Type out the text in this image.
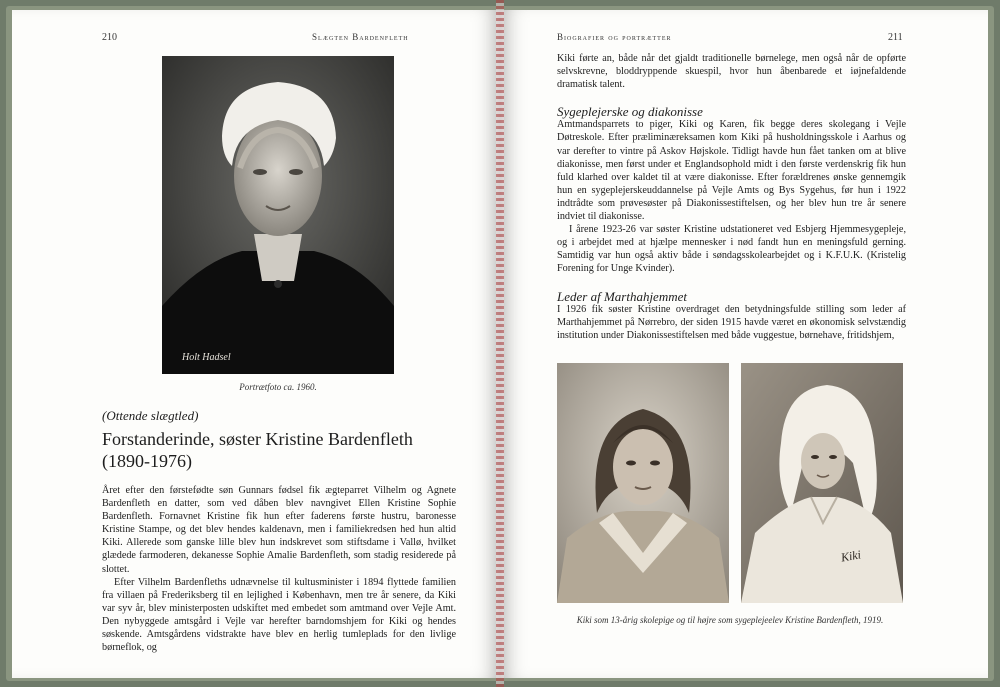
210	Slægten Bardenfleth
Holt Hadsel
Portrætfoto ca. 1960.
(Ottende slægtled)
Forstanderinde, søster Kristine Bardenfleth
(1890-1976)

Året efter den førstefødte søn Gunnars fødsel fik ægteparret Vilhelm og Agnete Bardenfleth en datter, som ved dåben blev navngivet Ellen Kristine Sophie Bardenfleth. Fornavnet Kristine fik hun efter faderens første hustru, baronesse Kristine Stampe, og det blev hendes kaldenavn, men i familiekredsen hed hun altid Kiki. Allerede som ganske lille blev hun indskrevet som stiftsdame i Vallø, hvilket glædede farmoderen, dekanesse Sophie Amalie Bardenfleth, som stadig residerede på slottet.

Efter Vilhelm Bardenfleths udnævnelse til kultusminister i 1894 flyttede familien fra villaen på Frederiksberg til en lejlighed i København, men tre år senere, da Kiki var syv år, blev ministerposten udskiftet med embedet som amtmand over Vejle Amt. Den nybyggede amtsgård i Vejle var herefter barndomshjem for Kiki og hendes søskende. Amtsgårdens vidstrakte have blev en herlig tumleplads for den livlige børneflok, og

Biografier og portrætter	211

Kiki førte an, både når det gjaldt traditionelle børnelege, men også når de opførte selvskrevne, bloddryppende skuespil, hvor hun åbenbarede et iøjnefaldende dramatisk talent.

Sygeplejerske og diakonisse

Amtmandsparrets to piger, Kiki og Karen, fik begge deres skolegang i Vejle Døtreskole. Efter præliminæreksamen kom Kiki på husholdningsskole i Aarhus og var derefter to vintre på Askov Højskole. Tidligt havde hun fået tanken om at blive diakonisse, men først under et Englandsophold midt i den første verdenskrig fik hun fuld klarhed over kaldet til at være diakonisse. Efter forældrenes ønske gennemgik hun en sygeplejerskeuddannelse på Vejle Amts og Bys Sygehus, før hun i 1922 indtrådte som prøvesøster på Diakonissestiftelsen, og her blev hun tre år senere indviet til diakonisse.

I årene 1923-26 var søster Kristine udstationeret ved Esbjerg Hjemmesygepleje, og i arbejdet med at hjælpe mennesker i nød fandt hun en meningsfuld gerning. Samtidig var hun også aktiv både i søndagsskolearbejdet og i K.F.U.K. (Kristelig Forening for Unge Kvinder).

Leder af Marthahjemmet

I 1926 fik søster Kristine overdraget den betydningsfulde stilling som leder af Marthahjemmet på Nørrebro, der siden 1915 havde været en økonomisk selvstændig institution under Diakonissestiftelsen med både vuggestue, børnehave, fritidshjem,

Kiki
Kiki som 13-årig skolepige og til højre som sygeplejeelev Kristine Bardenfleth, 1919.
